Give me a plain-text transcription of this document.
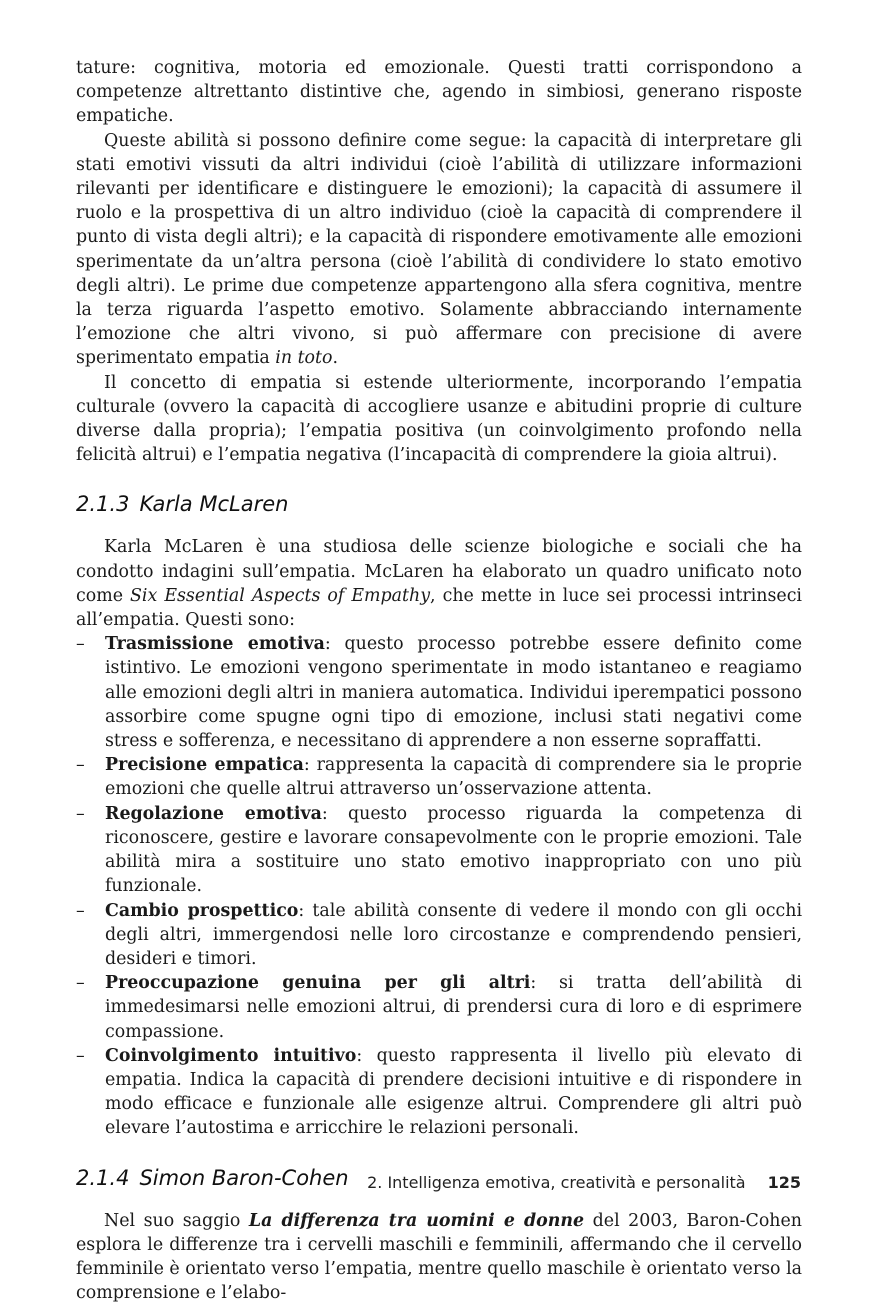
tature: cognitiva, motoria ed emozionale. Questi tratti corrispondono a competenze altrettanto distintive che, agendo in simbiosi, generano risposte empatiche.

Queste abilità si possono definire come segue: la capacità di interpretare gli stati emotivi vissuti da altri individui (cioè l’abilità di utilizzare informazioni rilevanti per identificare e distinguere le emozioni); la capacità di assumere il ruolo e la prospettiva di un altro individuo (cioè la capacità di comprendere il punto di vista degli altri); e la capacità di rispondere emotivamente alle emozioni sperimentate da un’altra persona (cioè l’abilità di condividere lo stato emotivo degli altri). Le prime due competenze appartengono alla sfera cognitiva, mentre la terza riguarda l’aspetto emotivo. Solamente abbracciando internamente l’emozione che altri vivono, si può affermare con precisione di avere sperimentato empatia in toto.

Il concetto di empatia si estende ulteriormente, incorporando l’empatia culturale (ovvero la capacità di accogliere usanze e abitudini proprie di culture diverse dalla propria); l’empatia positiva (un coinvolgimento profondo nella felicità altrui) e l’empatia negativa (l’incapacità di comprendere la gioia altrui).

2.1.3 Karla McLaren

Karla McLaren è una studiosa delle scienze biologiche e sociali che ha condotto indagini sull’empatia. McLaren ha elaborato un quadro unificato noto come Six Essential Aspects of Empathy, che mette in luce sei processi intrinseci all’empatia. Questi sono:

– Trasmissione emotiva: questo processo potrebbe essere definito come istintivo. Le emozioni vengono sperimentate in modo istantaneo e reagiamo alle emozioni degli altri in maniera automatica. Individui iperempatici possono assorbire come spugne ogni tipo di emozione, inclusi stati negativi come stress e sofferenza, e necessitano di apprendere a non esserne sopraffatti.
– Precisione empatica: rappresenta la capacità di comprendere sia le proprie emozioni che quelle altrui attraverso un’osservazione attenta.
– Regolazione emotiva: questo processo riguarda la competenza di riconoscere, gestire e lavorare consapevolmente con le proprie emozioni. Tale abilità mira a sostituire uno stato emotivo inappropriato con uno più funzionale.
– Cambio prospettico: tale abilità consente di vedere il mondo con gli occhi degli altri, immergendosi nelle loro circostanze e comprendendo pensieri, desideri e timori.
– Preoccupazione genuina per gli altri: si tratta dell’abilità di immedesimarsi nelle emozioni altrui, di prendersi cura di loro e di esprimere compassione.
– Coinvolgimento intuitivo: questo rappresenta il livello più elevato di empatia. Indica la capacità di prendere decisioni intuitive e di rispondere in modo efficace e funzionale alle esigenze altrui. Comprendere gli altri può elevare l’autostima e arricchire le relazioni personali.
2.1.4 Simon Baron-Cohen

Nel suo saggio La differenza tra uomini e donne del 2003, Baron-Cohen esplora le differenze tra i cervelli maschili e femminili, affermando che il cervello femminile è orientato verso l’empatia, mentre quello maschile è orientato verso la comprensione e l’elabo-

2. Intelligenza emotiva, creatività e personalità 125
